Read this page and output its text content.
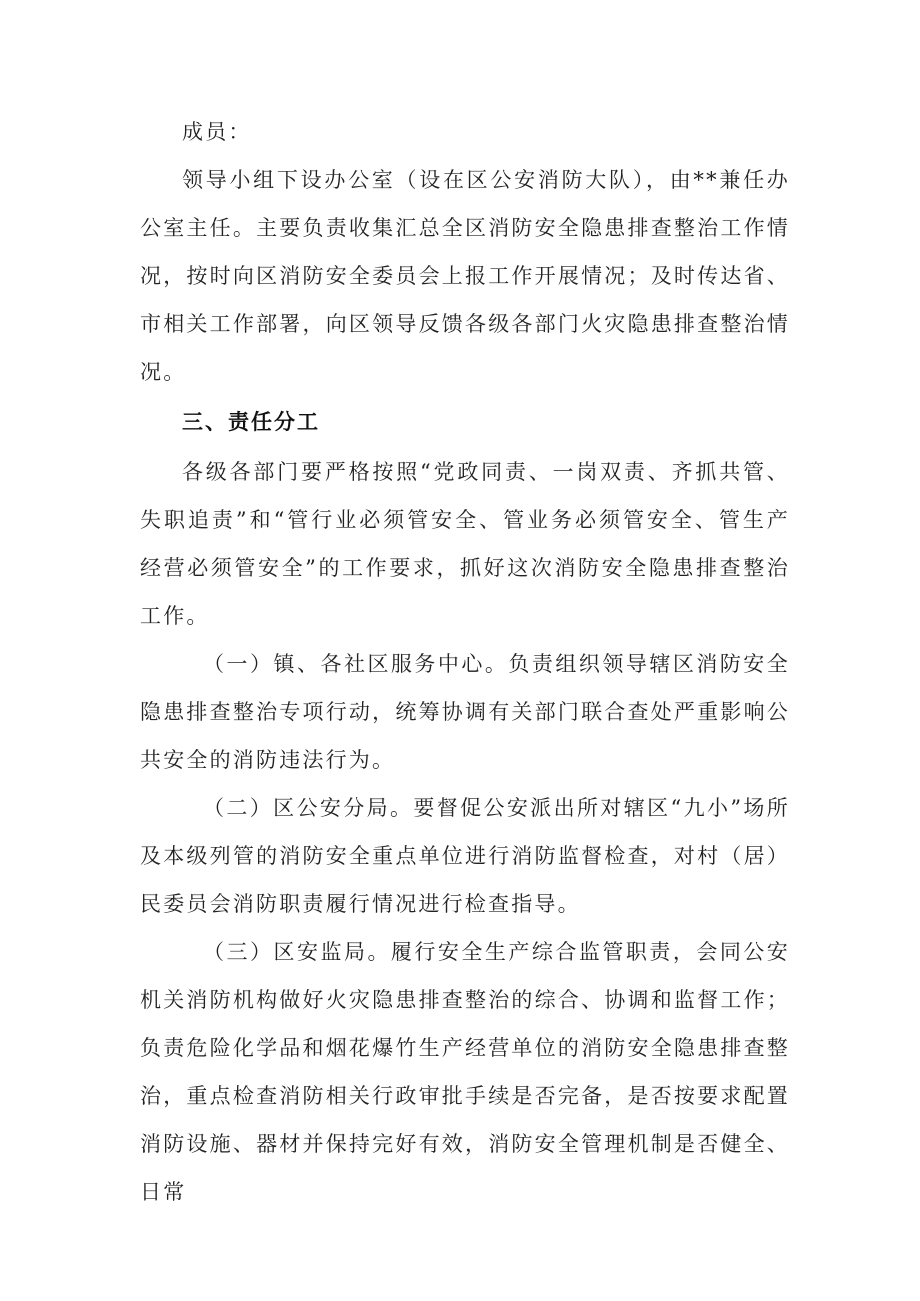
成员：

领导小组下设办公室（设在区公安消防大队），由**兼任办公室主任。主要负责收集汇总全区消防安全隐患排查整治工作情况，按时向区消防安全委员会上报工作开展情况；及时传达省、市相关工作部署，向区领导反馈各级各部门火灾隐患排查整治情况。

三、责任分工

各级各部门要严格按照“党政同责、一岗双责、齐抓共管、失职追责”和“管行业必须管安全、管业务必须管安全、管生产经营必须管安全”的工作要求，抓好这次消防安全隐患排查整治工作。

（一）镇、各社区服务中心。负责组织领导辖区消防安全隐患排查整治专项行动，统筹协调有关部门联合查处严重影响公共安全的消防违法行为。

（二）区公安分局。要督促公安派出所对辖区“九小”场所及本级列管的消防安全重点单位进行消防监督检查，对村（居）民委员会消防职责履行情况进行检查指导。

（三）区安监局。履行安全生产综合监管职责，会同公安机关消防机构做好火灾隐患排查整治的综合、协调和监督工作；负责危险化学品和烟花爆竹生产经营单位的消防安全隐患排查整治，重点检查消防相关行政审批手续是否完备，是否按要求配置消防设施、器材并保持完好有效，消防安全管理机制是否健全、日常
